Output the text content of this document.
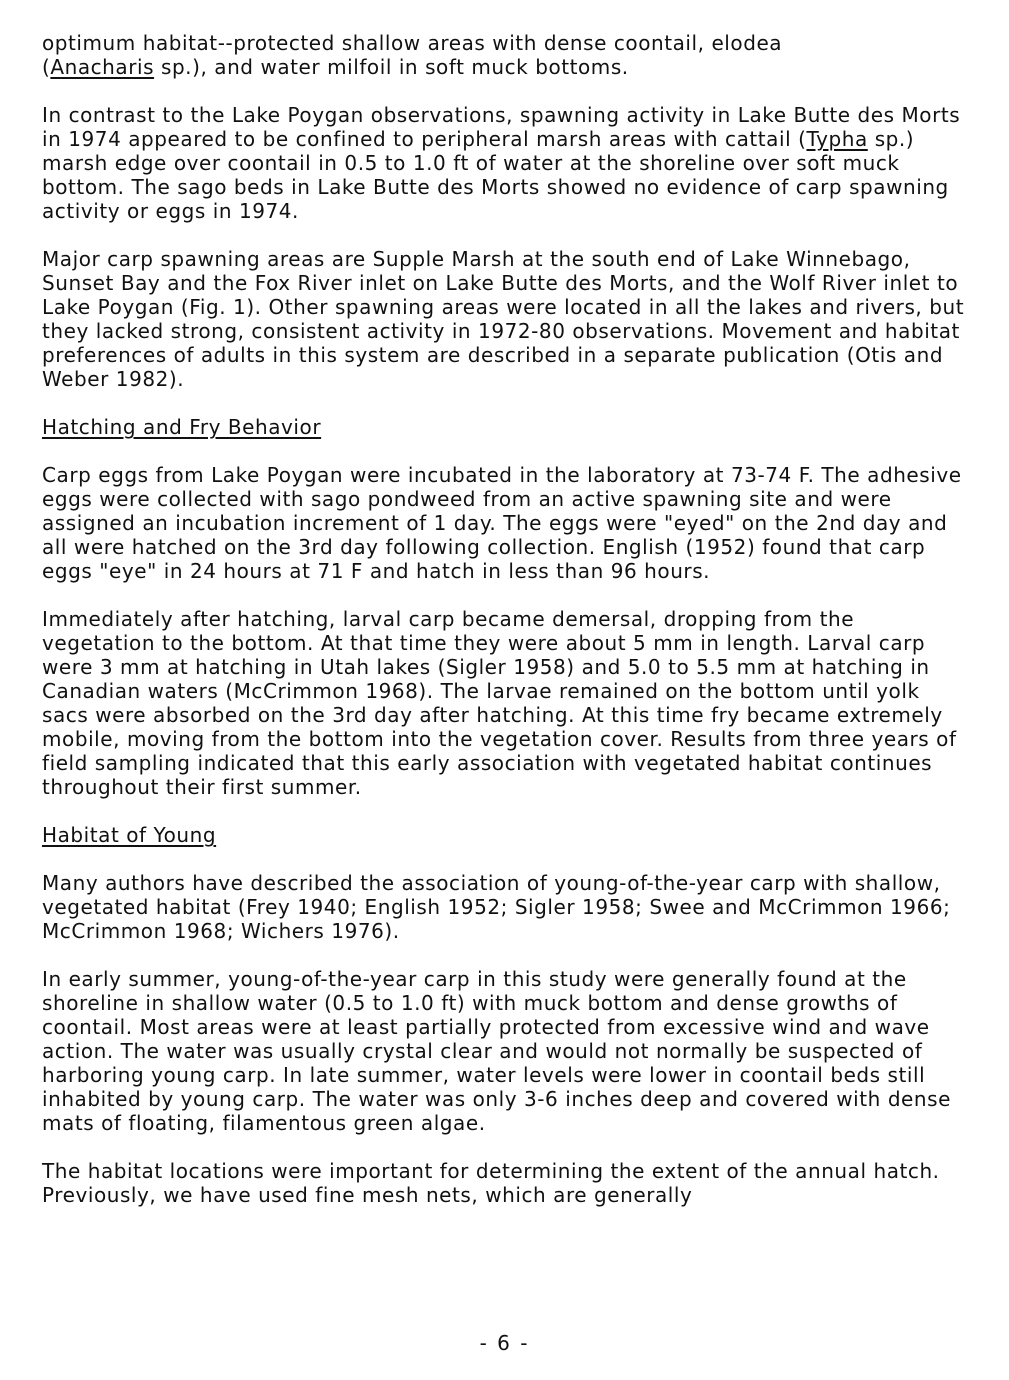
optimum habitat--protected shallow areas with dense coontail, elodea
(Anacharis sp.), and water milfoil in soft muck bottoms.

In contrast to the Lake Poygan observations, spawning activity in Lake Butte des Morts in 1974 appeared to be confined to peripheral marsh areas with cattail (Typha sp.) marsh edge over coontail in 0.5 to 1.0 ft of water at the shoreline over soft muck bottom. The sago beds in Lake Butte des Morts showed no evidence of carp spawning activity or eggs in 1974.

Major carp spawning areas are Supple Marsh at the south end of Lake Winnebago, Sunset Bay and the Fox River inlet on Lake Butte des Morts, and the Wolf River inlet to Lake Poygan (Fig. 1). Other spawning areas were located in all the lakes and rivers, but they lacked strong, consistent activity in 1972-80 observations. Movement and habitat preferences of adults in this system are described in a separate publication (Otis and Weber 1982).

Hatching and Fry Behavior

Carp eggs from Lake Poygan were incubated in the laboratory at 73-74 F. The adhesive eggs were collected with sago pondweed from an active spawning site and were assigned an incubation increment of 1 day. The eggs were "eyed" on the 2nd day and all were hatched on the 3rd day following collection. English (1952) found that carp eggs "eye" in 24 hours at 71 F and hatch in less than 96 hours.

Immediately after hatching, larval carp became demersal, dropping from the vegetation to the bottom. At that time they were about 5 mm in length. Larval carp were 3 mm at hatching in Utah lakes (Sigler 1958) and 5.0 to 5.5 mm at hatching in Canadian waters (McCrimmon 1968). The larvae remained on the bottom until yolk sacs were absorbed on the 3rd day after hatching. At this time fry became extremely mobile, moving from the bottom into the vegetation cover. Results from three years of field sampling indicated that this early association with vegetated habitat continues throughout their first summer.

Habitat of Young

Many authors have described the association of young-of-the-year carp with shallow, vegetated habitat (Frey 1940; English 1952; Sigler 1958; Swee and McCrimmon 1966; McCrimmon 1968; Wichers 1976).

In early summer, young-of-the-year carp in this study were generally found at the shoreline in shallow water (0.5 to 1.0 ft) with muck bottom and dense growths of coontail. Most areas were at least partially protected from excessive wind and wave action. The water was usually crystal clear and would not normally be suspected of harboring young carp. In late summer, water levels were lower in coontail beds still inhabited by young carp. The water was only 3-6 inches deep and covered with dense mats of floating, filamentous green algae.

The habitat locations were important for determining the extent of the annual hatch. Previously, we have used fine mesh nets, which are generally

- 6 -
